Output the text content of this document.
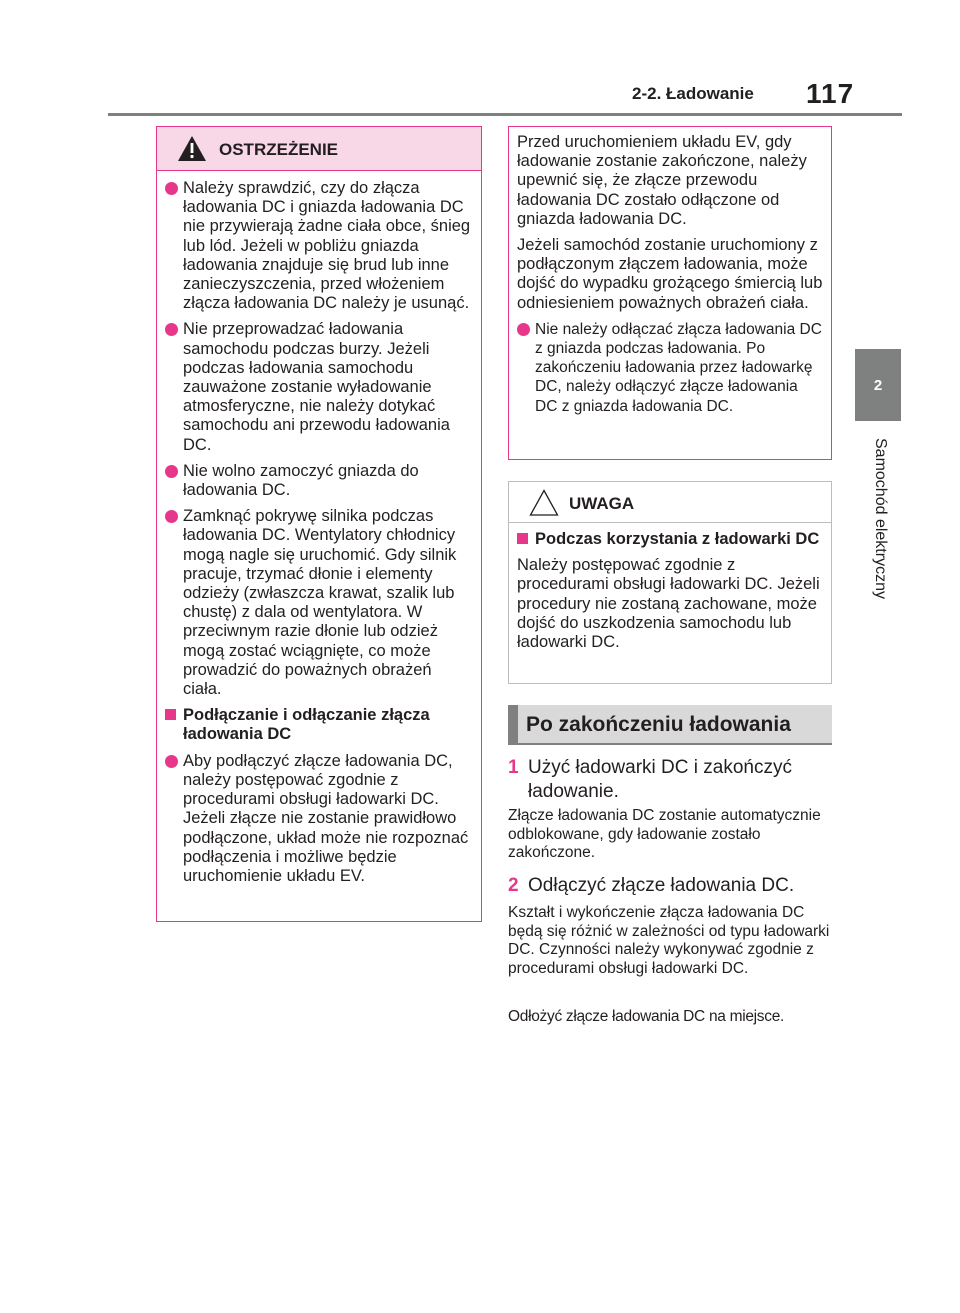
2-2. Ładowanie 117
2
Samochód elektryczny
OSTRZEŻENIE
Należy sprawdzić, czy do złącza ładowania DC i gniazda ładowania DC nie przywierają żadne ciała obce, śnieg lub lód. Jeżeli w pobliżu gniazda ładowania znajduje się brud lub inne zanieczyszczenia, przed włożeniem złącza ładowania DC należy je usunąć.
Nie przeprowadzać ładowania samochodu podczas burzy. Jeżeli podczas ładowania samochodu zauważone zostanie wyładowanie atmosferyczne, nie należy dotykać samochodu ani przewodu ładowania DC.
Nie wolno zamoczyć gniazda do ładowania DC.
Zamknąć pokrywę silnika podczas ładowania DC. Wentylatory chłodnicy mogą nagle się uruchomić. Gdy silnik pracuje, trzymać dłonie i elementy odzieży (zwłaszcza krawat, szalik lub chustę) z dala od wentylatora. W przeciwnym razie dłonie lub odzież mogą zostać wciągnięte, co może prowadzić do poważnych obrażeń ciała.
Podłączanie i odłączanie złącza ładowania DC
Aby podłączyć złącze ładowania DC, należy postępować zgodnie z procedurami obsługi ładowarki DC. Jeżeli złącze nie zostanie prawidłowo podłączone, układ może nie rozpoznać podłączenia i możliwe będzie uruchomienie układu EV.
Przed uruchomieniem układu EV, gdy ładowanie zostanie zakończone, należy upewnić się, że złącze przewodu ładowania DC zostało odłączone od gniazda ładowania DC.
Jeżeli samochód zostanie uruchomiony z podłączonym złączem ładowania, może dojść do wypadku grożącego śmiercią lub odniesieniem poważnych obrażeń ciała.
Nie należy odłączać złącza ładowania DC z gniazda podczas ładowania. Po zakończeniu ładowania przez ładowarkę DC, należy odłączyć złącze ładowania DC z gniazda ładowania DC.
UWAGA
Podczas korzystania z ładowarki DC
Należy postępować zgodnie z procedurami obsługi ładowarki DC. Jeżeli procedury nie zostaną zachowane, może dojść do uszkodzenia samochodu lub ładowarki DC.
Po zakończeniu ładowania
1 Użyć ładowarki DC i zakończyć ładowanie.
Złącze ładowania DC zostanie automatycznie odblokowane, gdy ładowanie zostało zakończone.
2 Odłączyć złącze ładowania DC.
Kształt i wykończenie złącza ładowania DC będą się różnić w zależności od typu ładowarki DC. Czynności należy wykonywać zgodnie z procedurami obsługi ładowarki DC.
Odłożyć złącze ładowania DC na miejsce.
